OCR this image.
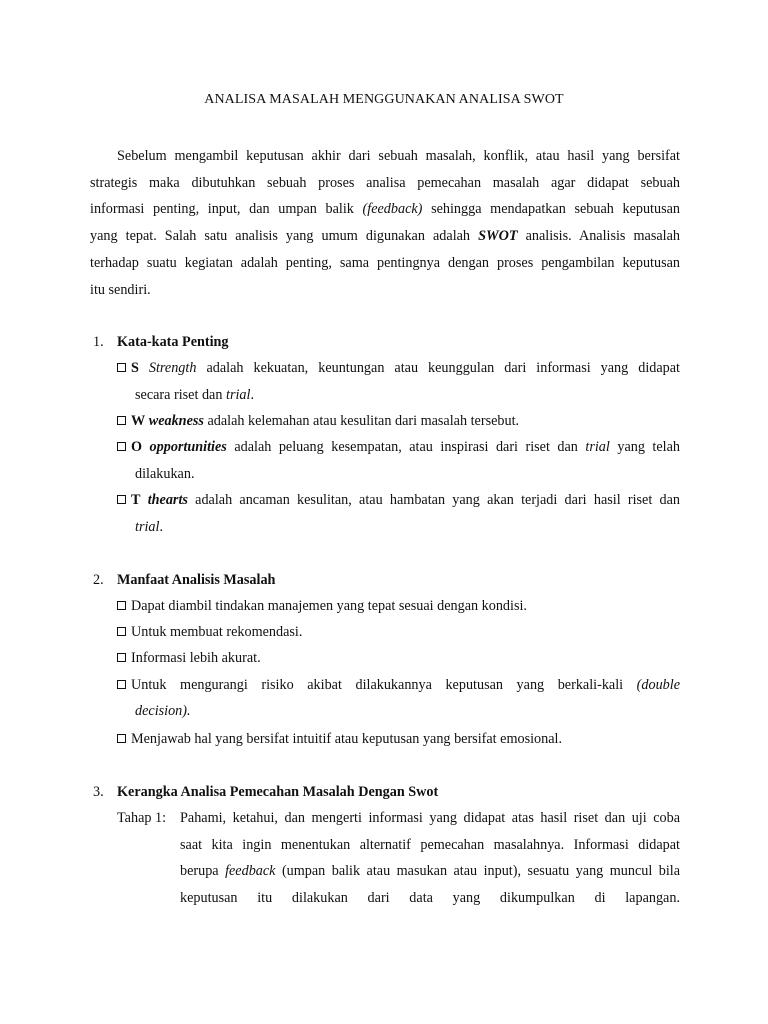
ANALISA MASALAH MENGGUNAKAN ANALISA SWOT
Sebelum mengambil keputusan akhir dari sebuah masalah, konflik, atau hasil yang bersifat
strategis maka dibutuhkan sebuah proses analisa pemecahan masalah agar didapat sebuah
informasi penting, input, dan umpan balik (feedback) sehingga mendapatkan sebuah keputusan
yang tepat. Salah satu analisis yang umum digunakan adalah SWOT analisis. Analisis masalah
terhadap suatu kegiatan adalah penting, sama pentingnya dengan proses pengambilan keputusan
itu sendiri.
1. Kata-kata Penting
S Strength adalah kekuatan, keuntungan atau keunggulan dari informasi yang didapat
secara riset dan trial.
W weakness adalah kelemahan atau kesulitan dari masalah tersebut.
O opportunities adalah peluang kesempatan, atau inspirasi dari riset dan trial yang telah
dilakukan.
T thearts adalah ancaman kesulitan, atau hambatan yang akan terjadi dari hasil riset dan
trial.
2. Manfaat Analisis Masalah
Dapat diambil tindakan manajemen yang tepat sesuai dengan kondisi.
Untuk membuat rekomendasi.
Informasi lebih akurat.
Untuk mengurangi risiko akibat dilakukannya keputusan yang berkali-kali (double
decision).
Menjawab hal yang bersifat intuitif atau keputusan yang bersifat emosional.
3. Kerangka Analisa Pemecahan Masalah Dengan Swot
Tahap 1: Pahami, ketahui, dan mengerti informasi yang didapat atas hasil riset dan uji coba
saat kita ingin menentukan alternatif pemecahan masalahnya. Informasi didapat
berupa feedback (umpan balik atau masukan atau input), sesuatu yang muncul bila
keputusan itu dilakukan dari data yang dikumpulkan di lapangan.
